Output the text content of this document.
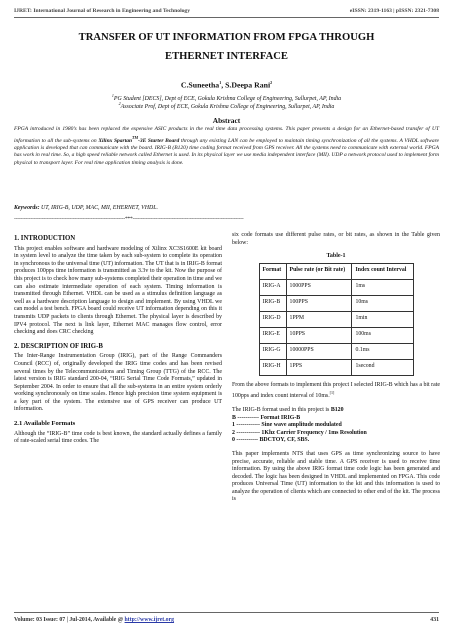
IJRET: International Journal of Research in Engineering and Technology	eISSN: 2319-1163 | pISSN: 2321-7308
TRANSFER OF UT INFORMATION FROM FPGA THROUGH
ETHERNET INTERFACE
C.Suneetha$^1$, S.Deepa Rani$^2$
$^1$PG Student [DECS], Dept of ECE, Gokula Krishna College of Engineering, Sullurpet, AP, India
$^2$Associate Prof, Dept of ECE, Gokula Krishna College of Engineering, Sullurpet, AP, India
Abstract
FPGA introduced in 1980’s has been replaced the expensive ASIC products in the real time data processing systems. This paper presents a design for an Ethernet-based transfer of UT information to all the sub-systems on Xilinx Spartan™-3E Starter Board through any existing LAN can be employed to maintain timing synchronization of all the systems. A VHDL software application is developed that can communicate with the board. IRIG-B (B120) time coding format received from GPS receiver. All the systems need to communicate with external world. FPGA has work in real time. So, a high speed reliable network called Ethernet is used. In its physical layer we use media independent interface (MII). UDP a network protocol used to implement form physical to transport layer. For real time application timing analysis is done.
Keywords: UT, IRIG-B, UDP, MAC, MII, EHERNET, VHDL.
--------------------------------------------------------------------***--------------------------------------------------------------------
1. INTRODUCTION

This project enables software and hardware modeling of Xilinx XC3S1600E kit board in system level to analyze the time taken by each sub-system to complete its operation in synchronous to the universal time (UT) information. The UT that is in IRIG-B format produces 100pps time information is transmitted as 3.3v to the kit. Now the purpose of this project is to check how many sub-systems completed their operation in time and we can also estimate intermediate operation of each system. Timing information is transmitted through Ethernet. VHDL can be used as a stimulus definition language as well as a hardware description language to design and implement. By using VHDL we can model a test bench. FPGA board could receive UT information depending on this it transmits UDP packets to clients through Ethernet. The physical layer is described by IPV4 protocol. The next is link layer, Ethernet MAC manages flow control, error checking and does CRC checking

2. DESCRIPTION OF IRIG-B

The Inter-Range Instrumentation Group (IRIG), part of the Range Commanders Council (RCC) of, originally developed the IRIG time codes and has been revised several times by the Telecommunications and Timing Group (TTG) of the RCC. The latest version is IRIG standard 200-04, “IRIG Serial Time Code Formats,” updated in September 2004. In order to ensure that all the sub-systems in an entire system orderly working synchronously on time scales. Hence high precision time system equipment is a key part of the system. The extensive use of GPS receiver can produce UT information.

2.1 Available Formats

Although the “IRIG-B” time code is best known, the standard actually defines a family of rate-scaled serial time codes. The

six code formats use different pulse rates, or bit rates, as shown in the Table given below:

Table-1
Format	Pulse rate (or Bit rate)	Index count Interval
IRIG-A	1000PPS	1ms
IRIG-B	100PPS	10ms
IRIG-D	1PPM	1min
IRIG-E	10PPS	100ms
IRIG-G	10000PPS	0.1ms
IRIG-H	1PPS	1second

From the above formats to implement this project I selected IRIG-B which has a bit rate 100pps and index count interval of 10ms.[1]

The IRIG-B format used in this project is B120

B ----------- Format IRIG-B
1 ------------ Sine wave amplitude modulated
2 ------------ 1Khz Carrier Frequency / 1ms Resolution
0 ----------- BDCTOY, CF, SBS.

This paper implements NTS that uses GPS as time synchronizing source to have precise, accurate, reliable and stable time. A GPS receiver is used to receive time information. By using the above IRIG format time code logic has been generated and decoded. The logic has been designed in VHDL and implemented on FPGA. This code produces Universal Time (UT) information to the kit and this information is used to analyze the operation of clients which are connected to other end of the kit. The process is

Volume: 03 Issue: 07 | Jul-2014, Available @ http://www.ijret.org	431
